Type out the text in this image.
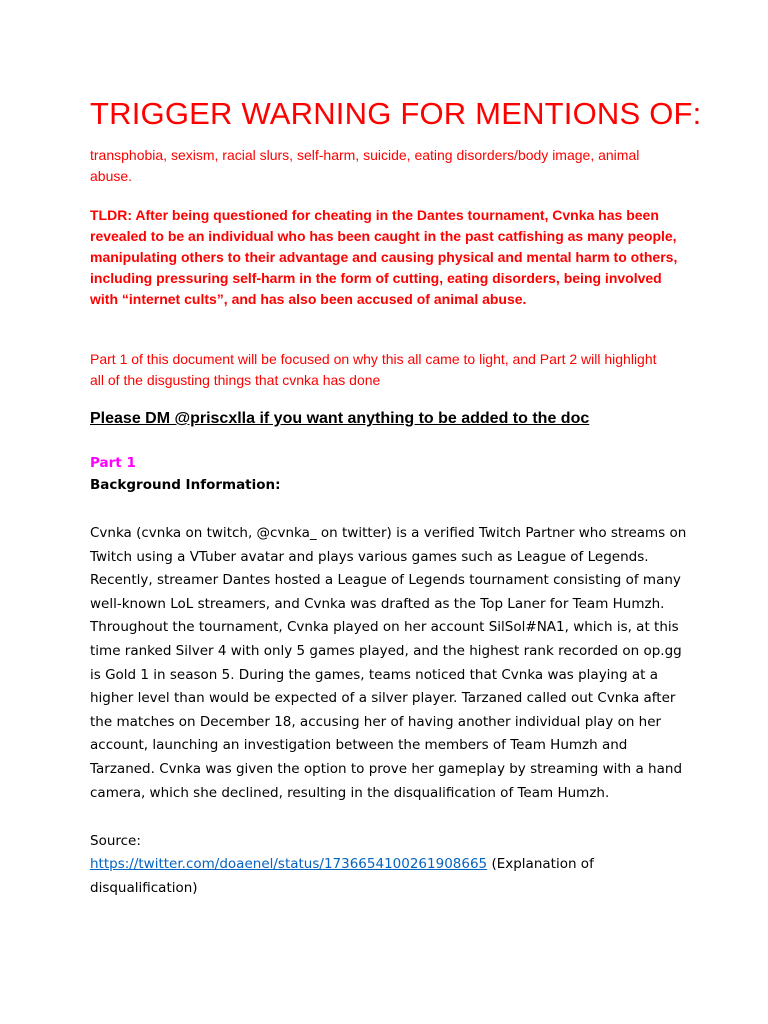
TRIGGER WARNING FOR MENTIONS OF:

transphobia, sexism, racial slurs, self-harm, suicide, eating disorders/body image, animal abuse.

TLDR: After being questioned for cheating in the Dantes tournament, Cvnka has been revealed to be an individual who has been caught in the past catfishing as many people, manipulating others to their advantage and causing physical and mental harm to others, including pressuring self-harm in the form of cutting, eating disorders, being involved with “internet cults”, and has also been accused of animal abuse.

Part 1 of this document will be focused on why this all came to light, and Part 2 will highlight all of the disgusting things that cvnka has done

Please DM @priscxlla if you want anything to be added to the doc

Part 1

Background Information:

Cvnka (cvnka on twitch, @cvnka_ on twitter) is a verified Twitch Partner who streams on Twitch using a VTuber avatar and plays various games such as League of Legends. Recently, streamer Dantes hosted a League of Legends tournament consisting of many well-known LoL streamers, and Cvnka was drafted as the Top Laner for Team Humzh. Throughout the tournament, Cvnka played on her account SilSol#NA1, which is, at this time ranked Silver 4 with only 5 games played, and the highest rank recorded on op.gg is Gold 1 in season 5. During the games, teams noticed that Cvnka was playing at a higher level than would be expected of a silver player. Tarzaned called out Cvnka after the matches on December 18, accusing her of having another individual play on her account, launching an investigation between the members of Team Humzh and Tarzaned. Cvnka was given the option to prove her gameplay by streaming with a hand camera, which she declined, resulting in the disqualification of Team Humzh.

Source:

https://twitter.com/doaenel/status/1736654100261908665 (Explanation of disqualification)
